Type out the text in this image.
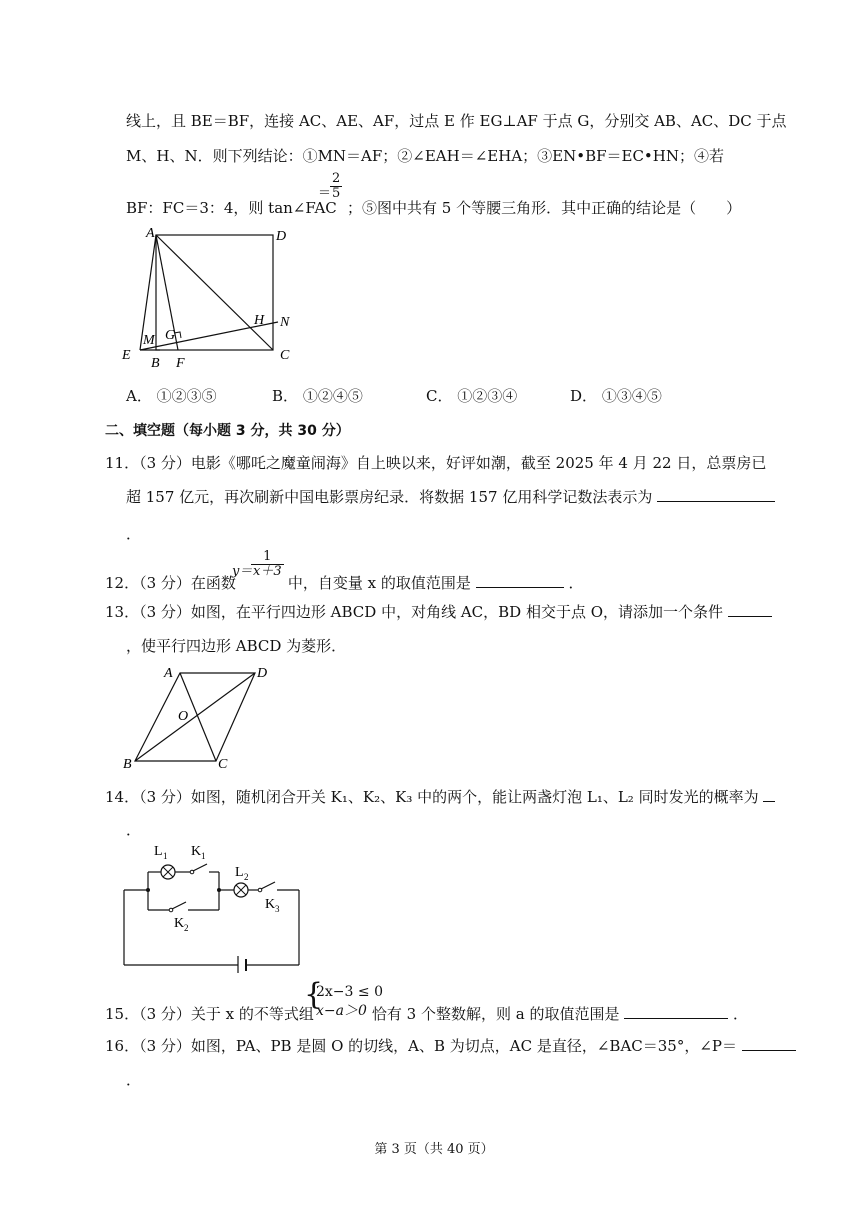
线上，且 BE＝BF，连接 AC、AE、AF，过点 E 作 EG⊥AF 于点 G，分别交 AB、AC、DC 于点
M、H、N．则下列结论：①MN＝AF；②∠EAH＝∠EHA；③EN•BF＝EC•HN；④若
BF：FC＝3：4，则 tan∠FAC
＝
$\frac{2}{5}$
；⑤图中共有 5 个等腰三角形．其中正确的结论是（　　）
A	D
H N
M G
E
B F
C
A． ①②③⑤	B． ①②④⑤	C． ①②③④	D． ①③④⑤
二、填空题（每小题 3 分，共 30 分）
11．（3 分）电影《哪吒之魔童闹海》自上映以来，好评如潮，截至 2025 年 4 月 22 日，总票房已
超 157 亿元，再次刷新中国电影票房纪录．将数据 157 亿用科学记数法表示为
．
12．（3 分）在函数	中，自变量 x 的取值范围是	．
y＝
$\frac{1}{x+3}$
13．（3 分）如图，在平行四边形 ABCD 中，对角线 AC，BD 相交于点 O，请添加一个条件
，使平行四边形 ABCD 为菱形．
A	D
O
B	C
14．（3 分）如图，随机闭合开关 K₁、K₂、K₃ 中的两个，能让两盏灯泡 L₁、L₂ 同时发光的概率为
．
L 1 K 1
L 2
K 2
K 3
15．（3 分）关于 x 的不等式组	恰有 3 个整数解，则 a 的取值范围是	．
{
2x−3 ≤ 0
x−a＞0
16．（3 分）如图，PA、PB 是圆 O 的切线，A、B 为切点，AC 是直径，∠BAC＝35°，∠P＝
．
第 3 页（共 40 页）
